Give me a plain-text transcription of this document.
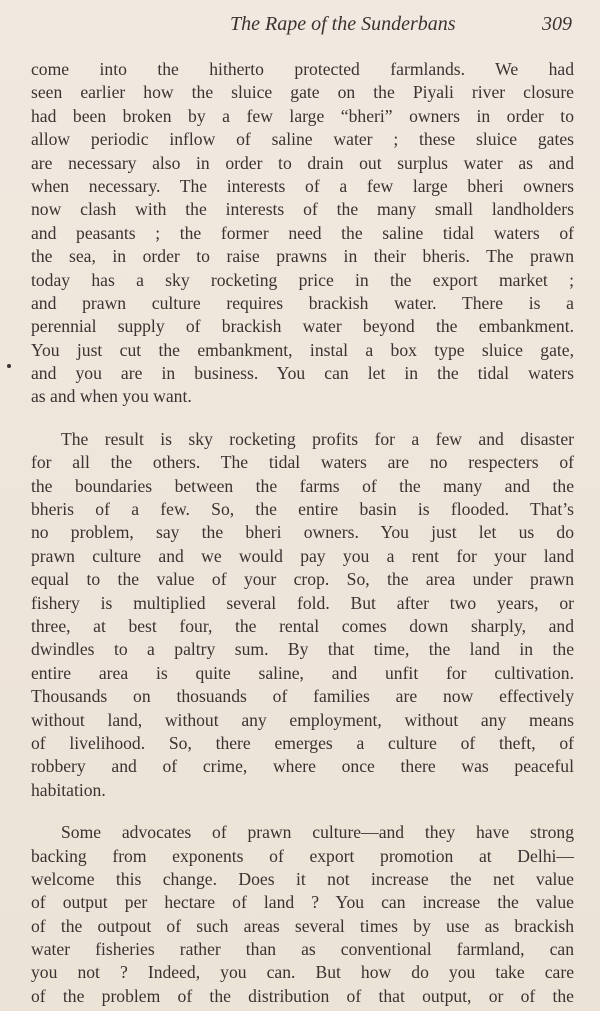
The Rape of the Sunderbans	309
come into the hitherto protected farmlands. We had
seen earlier how the sluice gate on the Piyali river closure
had been broken by a few large “bheri” owners in order to
allow periodic inflow of saline water ; these sluice gates
are necessary also in order to drain out surplus water as and
when necessary. The interests of a few large bheri owners
now clash with the interests of the many small landholders
and peasants ; the former need the saline tidal waters of
the sea, in order to raise prawns in their bheris. The prawn
today has a sky rocketing price in the export market ;
and prawn culture requires brackish water. There is a
perennial supply of brackish water beyond the embankment.
You just cut the embankment, instal a box type sluice gate,
and you are in business. You can let in the tidal waters
as and when you want.
The result is sky rocketing profits for a few and disaster
for all the others. The tidal waters are no respecters of
the boundaries between the farms of the many and the
bheris of a few. So, the entire basin is flooded. That’s
no problem, say the bheri owners. You just let us do
prawn culture and we would pay you a rent for your land
equal to the value of your crop. So, the area under prawn
fishery is multiplied several fold. But after two years, or
three, at best four, the rental comes down sharply, and
dwindles to a paltry sum. By that time, the land in the
entire area is quite saline, and unfit for cultivation.
Thousands on thosuands of families are now effectively
without land, without any employment, without any means
of livelihood. So, there emerges a culture of theft, of
robbery and of crime, where once there was peaceful
habitation.
Some advocates of prawn culture—and they have strong
backing from exponents of export promotion at Delhi—
welcome this change. Does it not increase the net value
of output per hectare of land ? You can increase the value
of the outpout of such areas several times by use as brackish
water fisheries rather than as conventional farmland, can
you not ? Indeed, you can. But how do you take care
of the problem of the distribution of that output, or of the
